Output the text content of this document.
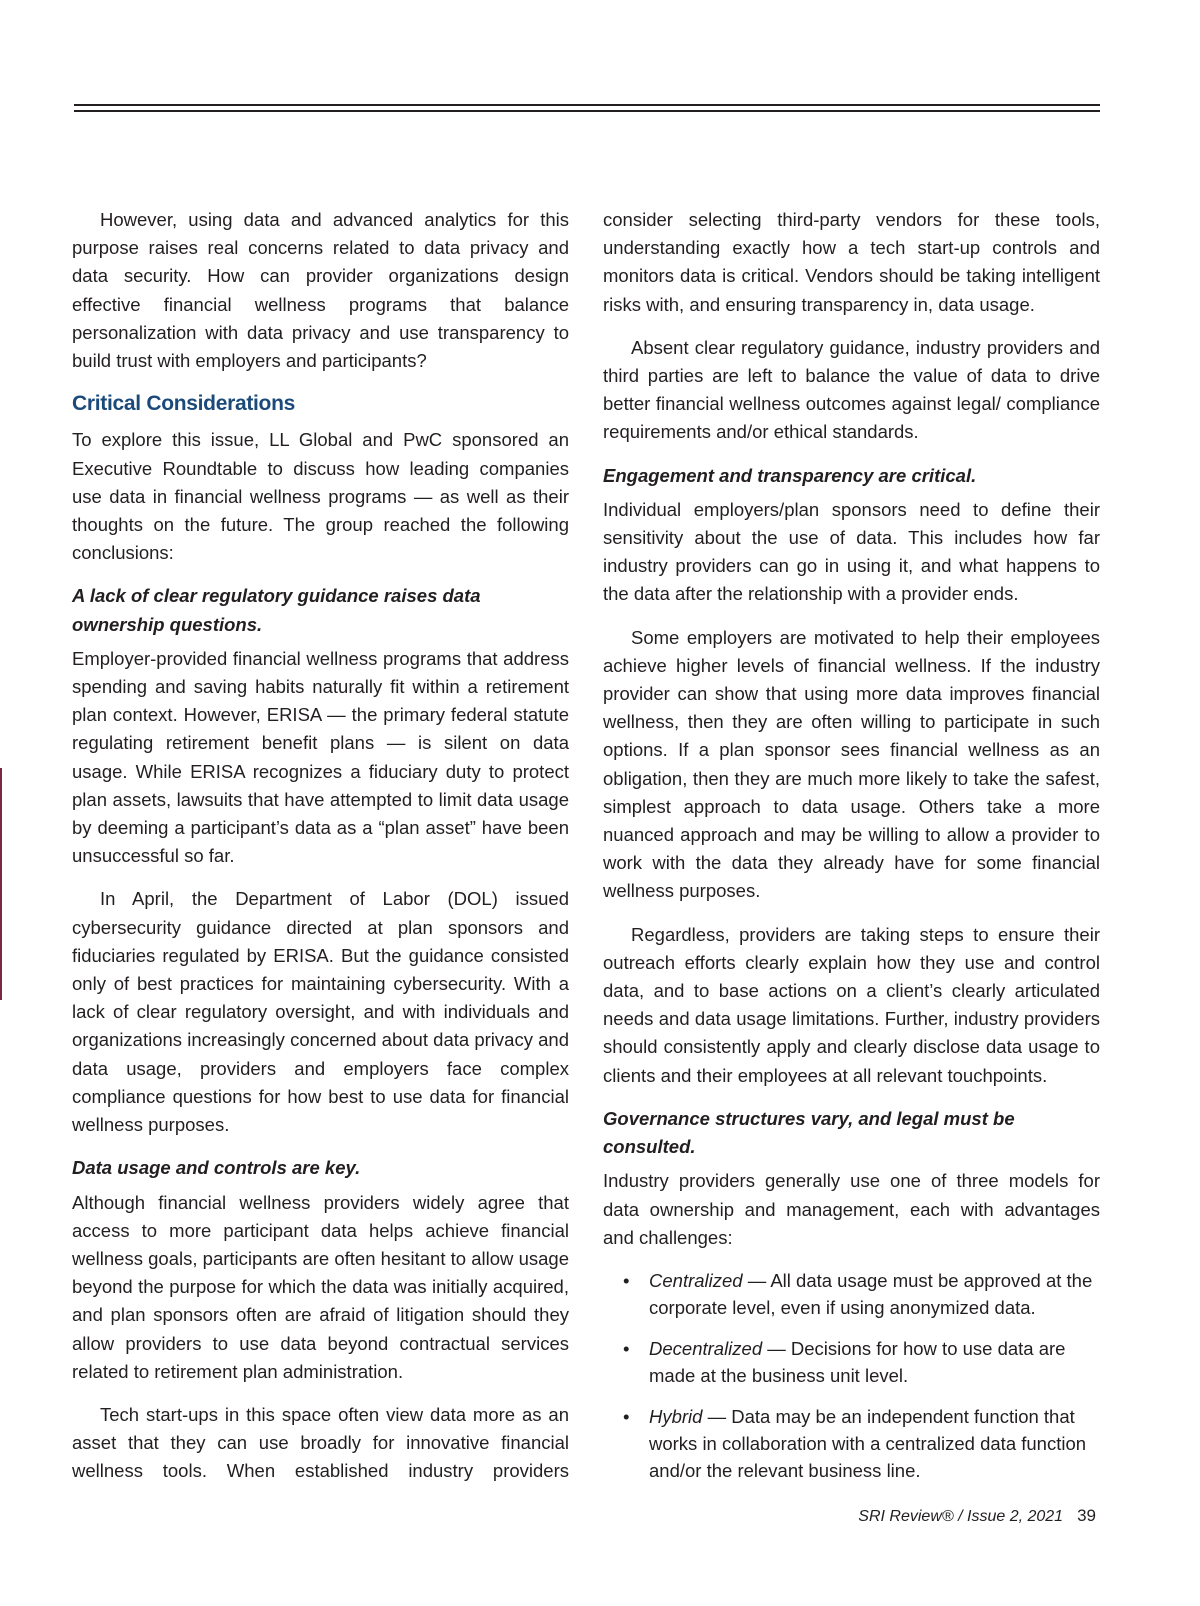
However, using data and advanced analytics for this purpose raises real concerns related to data privacy and data security. How can provider organizations design effective financial wellness programs that balance personalization with data privacy and use transparency to build trust with employers and participants?

Critical Considerations

To explore this issue, LL Global and PwC sponsored an Executive Roundtable to discuss how leading companies use data in financial wellness programs — as well as their thoughts on the future. The group reached the following conclusions:

A lack of clear regulatory guidance raises data ownership questions.

Employer-provided financial wellness programs that address spending and saving habits naturally fit within a retirement plan context. However, ERISA — the primary federal statute regulating retirement benefit plans — is silent on data usage. While ERISA recognizes a fiduciary duty to protect plan assets, lawsuits that have attempted to limit data usage by deeming a participant’s data as a “plan asset” have been unsuccessful so far.

In April, the Department of Labor (DOL) issued cybersecurity guidance directed at plan sponsors and fiduciaries regulated by ERISA. But the guidance consisted only of best practices for maintaining cybersecurity. With a lack of clear regulatory oversight, and with individuals and organizations increasingly concerned about data privacy and data usage, providers and employers face complex compliance questions for how best to use data for financial wellness purposes.

Data usage and controls are key.

Although financial wellness providers widely agree that access to more participant data helps achieve financial wellness goals, participants are often hesitant to allow usage beyond the purpose for which the data was initially acquired, and plan sponsors often are afraid of litigation should they allow providers to use data beyond contractual services related to retirement plan administration.

Tech start-ups in this space often view data more as an asset that they can use broadly for innovative financial wellness tools. When established industry providers

consider selecting third-party vendors for these tools, understanding exactly how a tech start-up controls and monitors data is critical. Vendors should be taking intelligent risks with, and ensuring transparency in, data usage.

Absent clear regulatory guidance, industry providers and third parties are left to balance the value of data to drive better financial wellness outcomes against legal/ compliance requirements and/or ethical standards.

Engagement and transparency are critical.

Individual employers/plan sponsors need to define their sensitivity about the use of data. This includes how far industry providers can go in using it, and what happens to the data after the relationship with a provider ends.

Some employers are motivated to help their employees achieve higher levels of financial wellness. If the industry provider can show that using more data improves financial wellness, then they are often willing to participate in such options. If a plan sponsor sees financial wellness as an obligation, then they are much more likely to take the safest, simplest approach to data usage. Others take a more nuanced approach and may be willing to allow a provider to work with the data they already have for some financial wellness purposes.

Regardless, providers are taking steps to ensure their outreach efforts clearly explain how they use and control data, and to base actions on a client’s clearly articulated needs and data usage limitations. Further, industry providers should consistently apply and clearly disclose data usage to clients and their employees at all relevant touchpoints.

Governance structures vary, and legal must be consulted.

Industry providers generally use one of three models for data ownership and management, each with advantages and challenges:

• Centralized — All data usage must be approved at the corporate level, even if using anonymized data.
• Decentralized — Decisions for how to use data are made at the business unit level.
• Hybrid — Data may be an independent function that works in collaboration with a centralized data function and/or the relevant business line.
SRI Review® / Issue 2, 2021 39
